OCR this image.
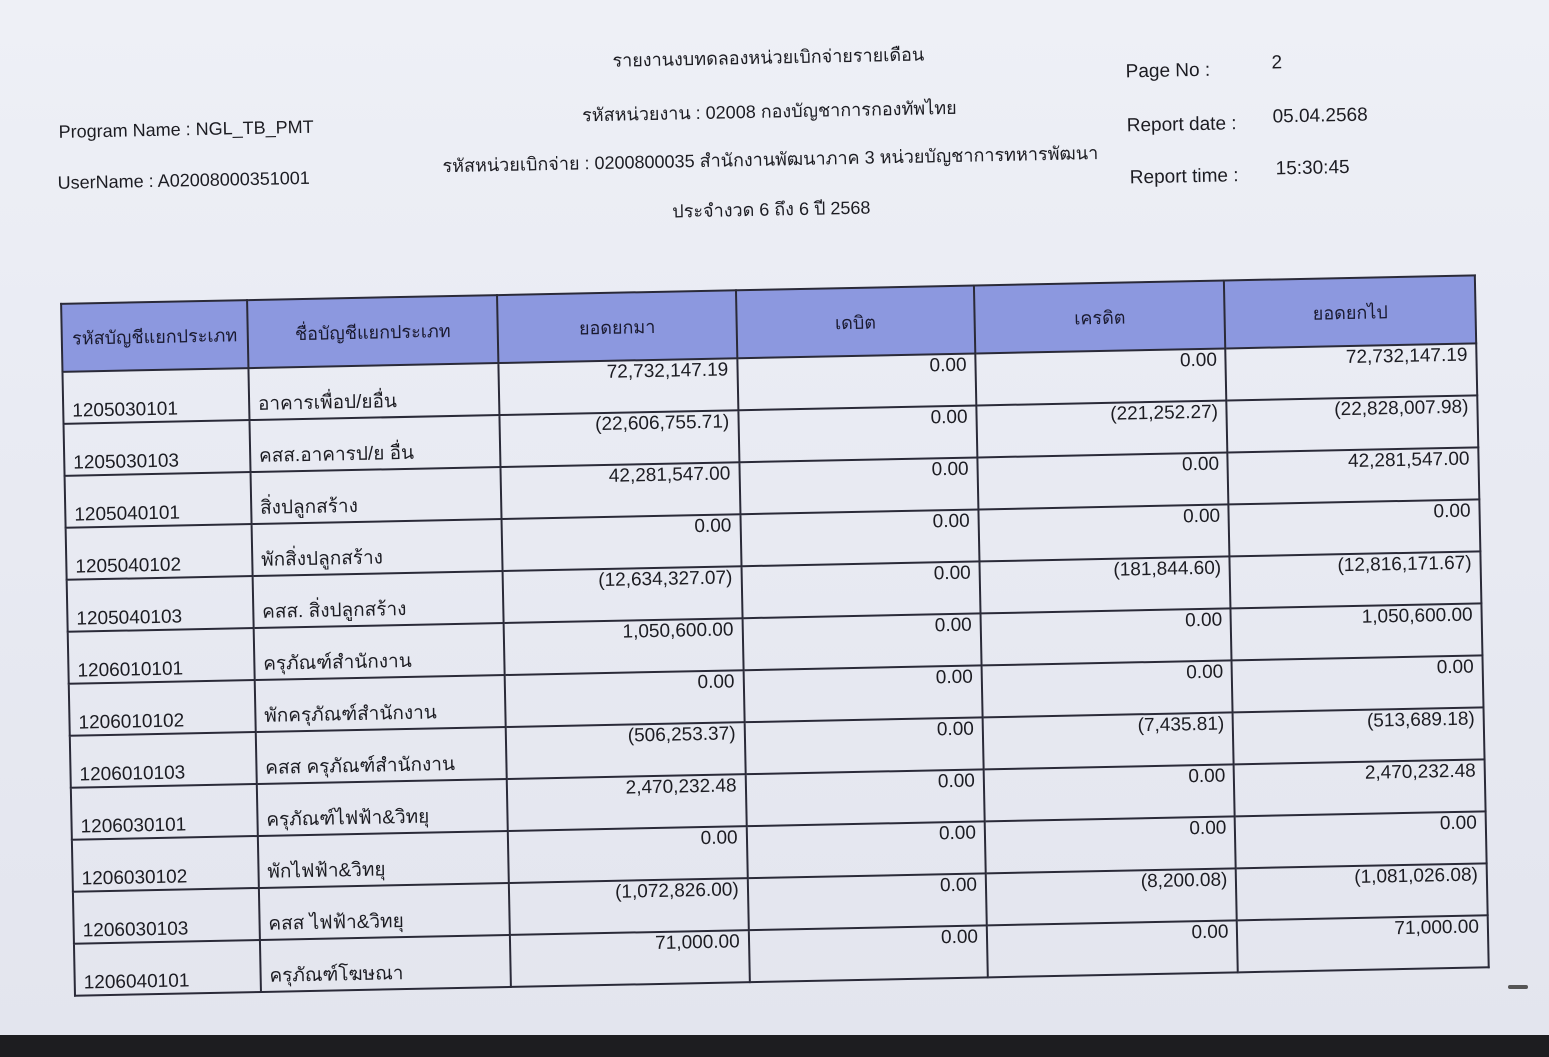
รายงานงบทดลองหน่วยเบิกจ่ายรายเดือน
รหัสหน่วยงาน : 02008 กองบัญชาการกองทัพไทย
รหัสหน่วยเบิกจ่าย : 0200800035 สำนักงานพัฒนาภาค 3 หน่วยบัญชาการทหารพัฒนา
ประจำงวด 6 ถึง 6 ปี 2568
Program Name : NGL_TB_PMT
UserName : A02008000351001
Page No :	2
Report date : 05.04.2568
Report time : 15:30:45
รหัสบัญชีแยกประเภท	ชื่อบัญชีแยกประเภท	ยอดยกมา	เดบิต	เครดิต	ยอดยกไป
1205030101	อาคารเพื่อป/ยอื่น	72,732,147.19	0.00	0.00	72,732,147.19
1205030103	คสส.อาคารป/ย อื่น	(22,606,755.71)	0.00	(221,252.27)	(22,828,007.98)
1205040101	สิ่งปลูกสร้าง	42,281,547.00	0.00	0.00	42,281,547.00
1205040102	พักสิ่งปลูกสร้าง	0.00	0.00	0.00	0.00
1205040103	คสส. สิ่งปลูกสร้าง	(12,634,327.07)	0.00	(181,844.60)	(12,816,171.67)
1206010101	ครุภัณฑ์สำนักงาน	1,050,600.00	0.00	0.00	1,050,600.00
1206010102	พักครุภัณฑ์สำนักงาน	0.00	0.00	0.00	0.00
1206010103	คสส ครุภัณฑ์สำนักงาน	(506,253.37)	0.00	(7,435.81)	(513,689.18)
1206030101	ครุภัณฑ์ไฟฟ้า&วิทยุ	2,470,232.48	0.00	0.00	2,470,232.48
1206030102	พักไฟฟ้า&วิทยุ	0.00	0.00	0.00	0.00
1206030103	คสส ไฟฟ้า&วิทยุ	(1,072,826.00)	0.00	(8,200.08)	(1,081,026.08)
1206040101	ครุภัณฑ์โฆษณา	71,000.00	0.00	0.00	71,000.00
